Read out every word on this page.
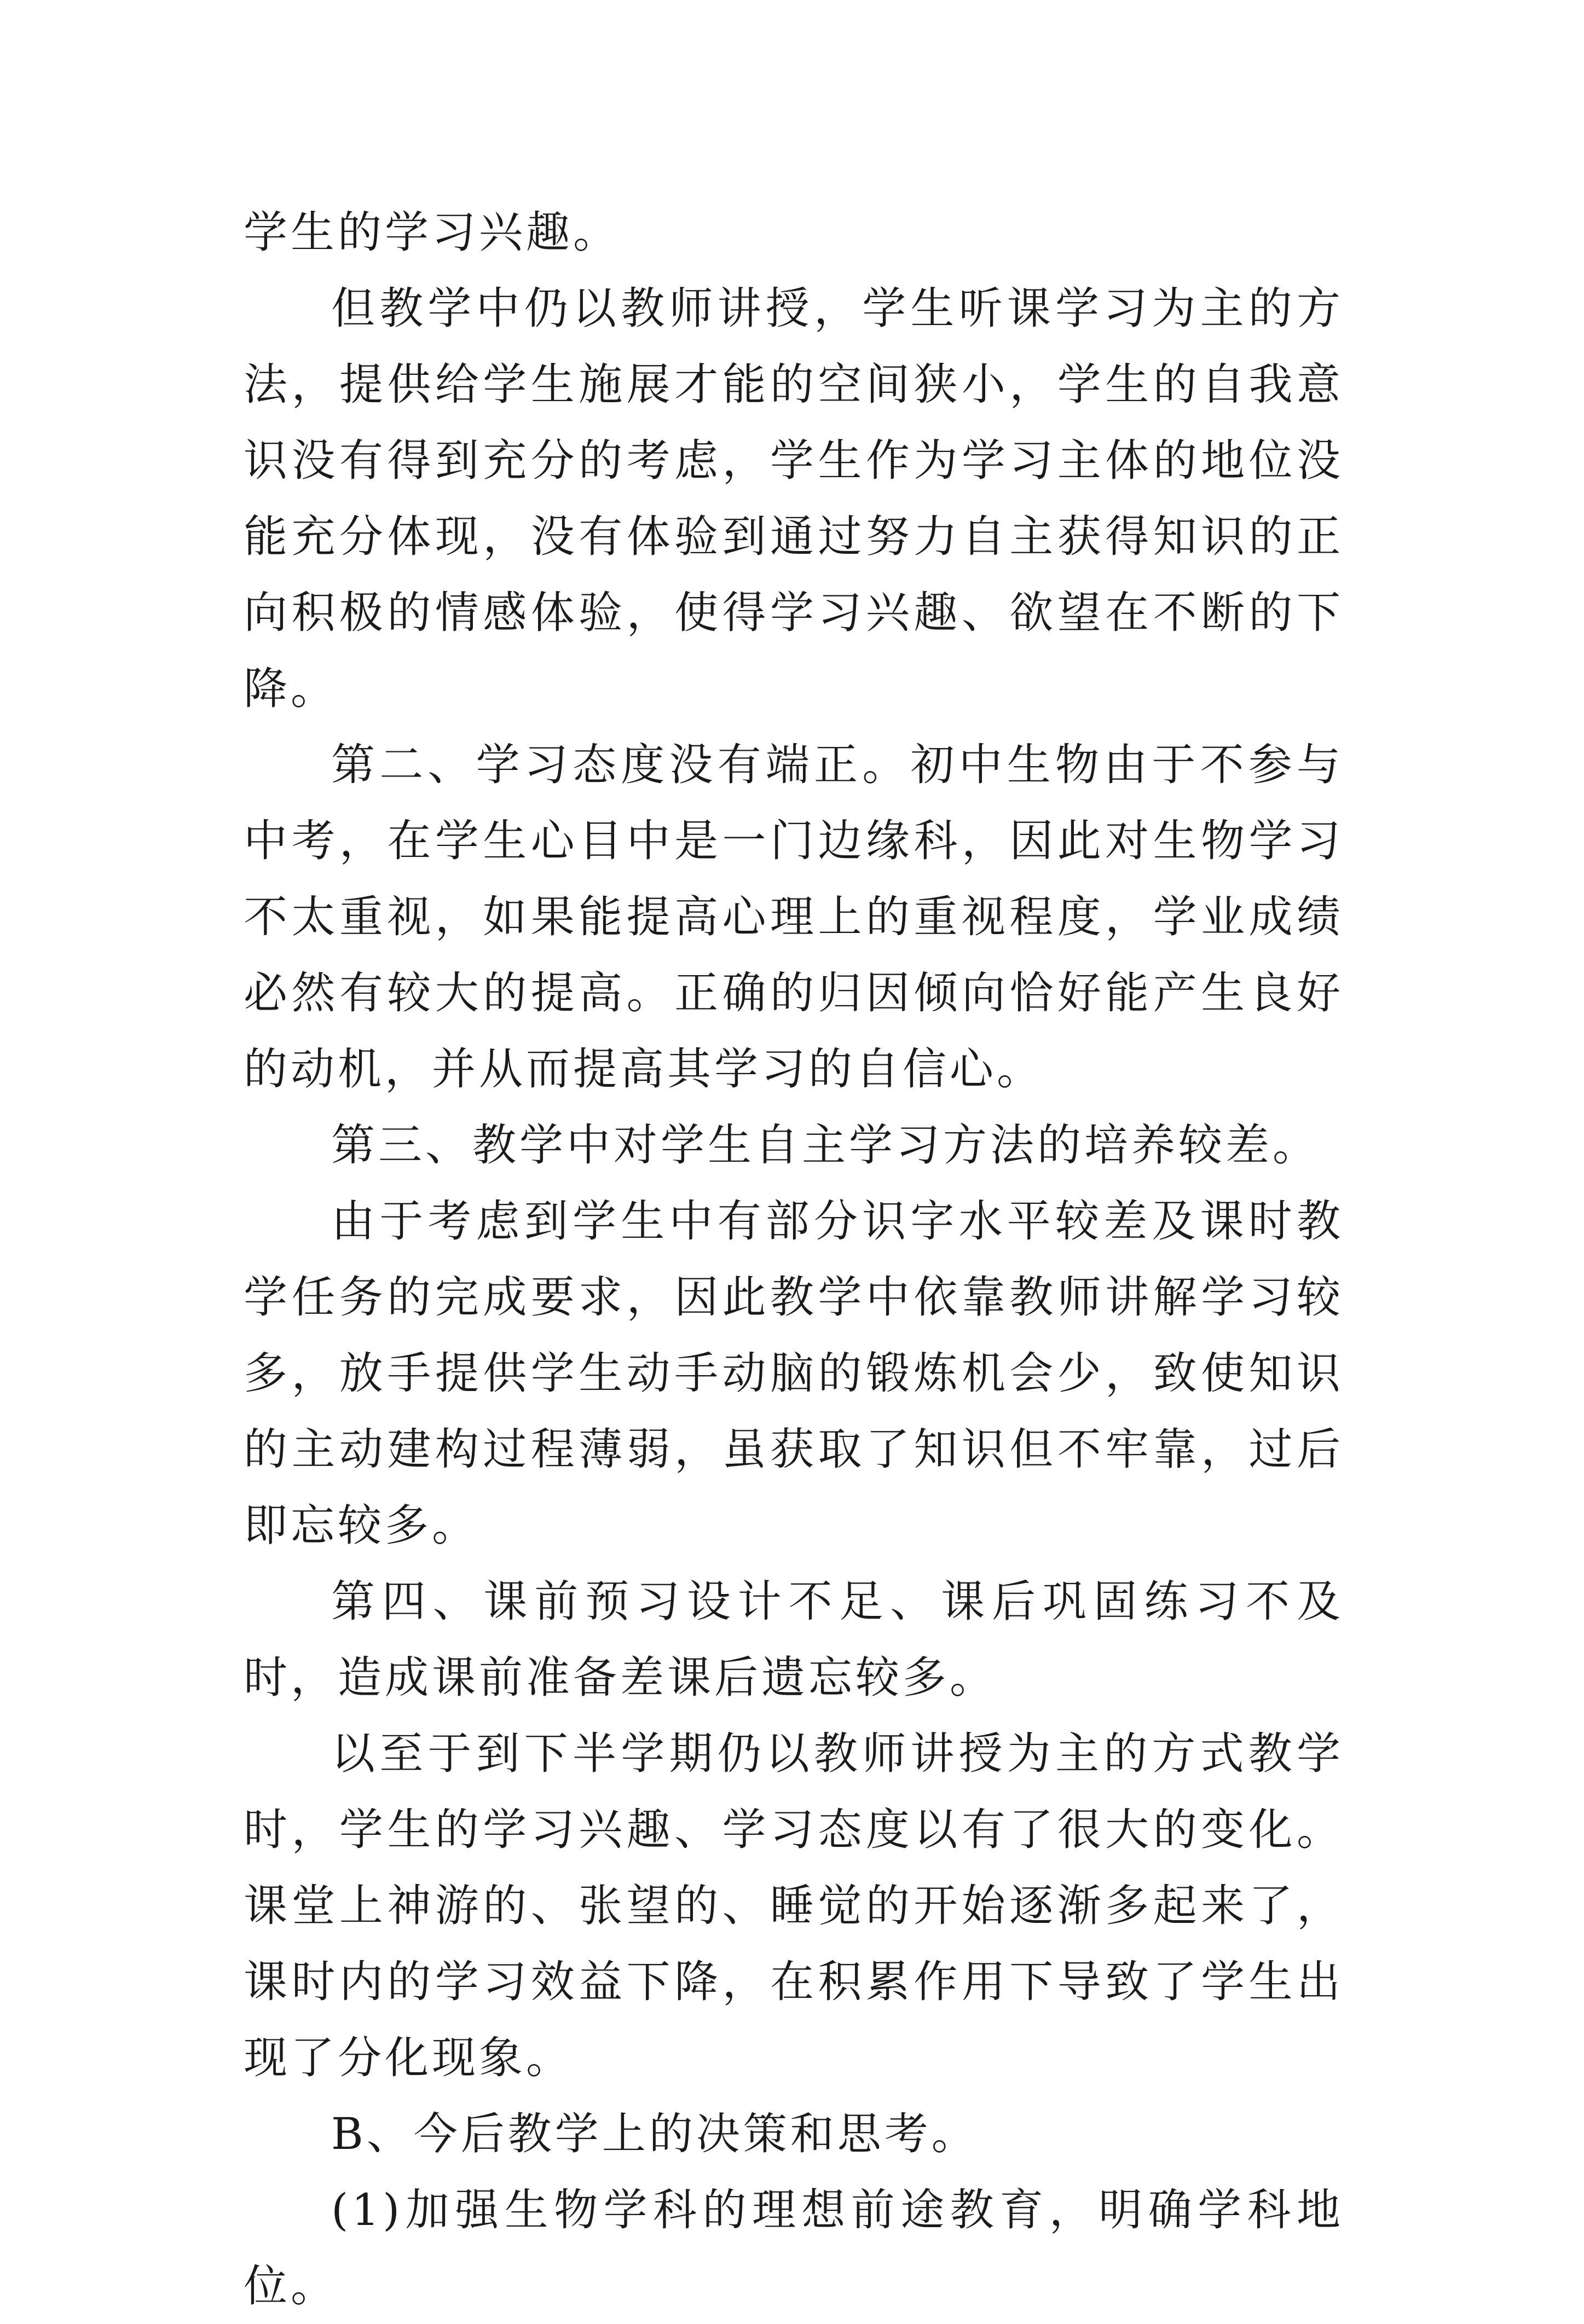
学生的学习兴趣。

但教学中仍以教师讲授，学生听课学习为主的方法，提供给学生施展才能的空间狭小，学生的自我意识没有得到充分的考虑，学生作为学习主体的地位没能充分体现，没有体验到通过努力自主获得知识的正向积极的情感体验，使得学习兴趣、欲望在不断的下降。

第二、学习态度没有端正。初中生物由于不参与中考，在学生心目中是一门边缘科，因此对生物学习不太重视，如果能提高心理上的重视程度，学业成绩必然有较大的提高。正确的归因倾向恰好能产生良好的动机，并从而提高其学习的自信心。

第三、教学中对学生自主学习方法的培养较差。

由于考虑到学生中有部分识字水平较差及课时教学任务的完成要求，因此教学中依靠教师讲解学习较多，放手提供学生动手动脑的锻炼机会少，致使知识的主动建构过程薄弱，虽获取了知识但不牢靠，过后即忘较多。

第四、课前预习设计不足、课后巩固练习不及时，造成课前准备差课后遗忘较多。

以至于到下半学期仍以教师讲授为主的方式教学时，学生的学习兴趣、学习态度以有了很大的变化。课堂上神游的、张望的、睡觉的开始逐渐多起来了，课时内的学习效益下降，在积累作用下导致了学生出现了分化现象。

B、今后教学上的决策和思考。

(1)加强生物学科的理想前途教育，明确学科地位。
